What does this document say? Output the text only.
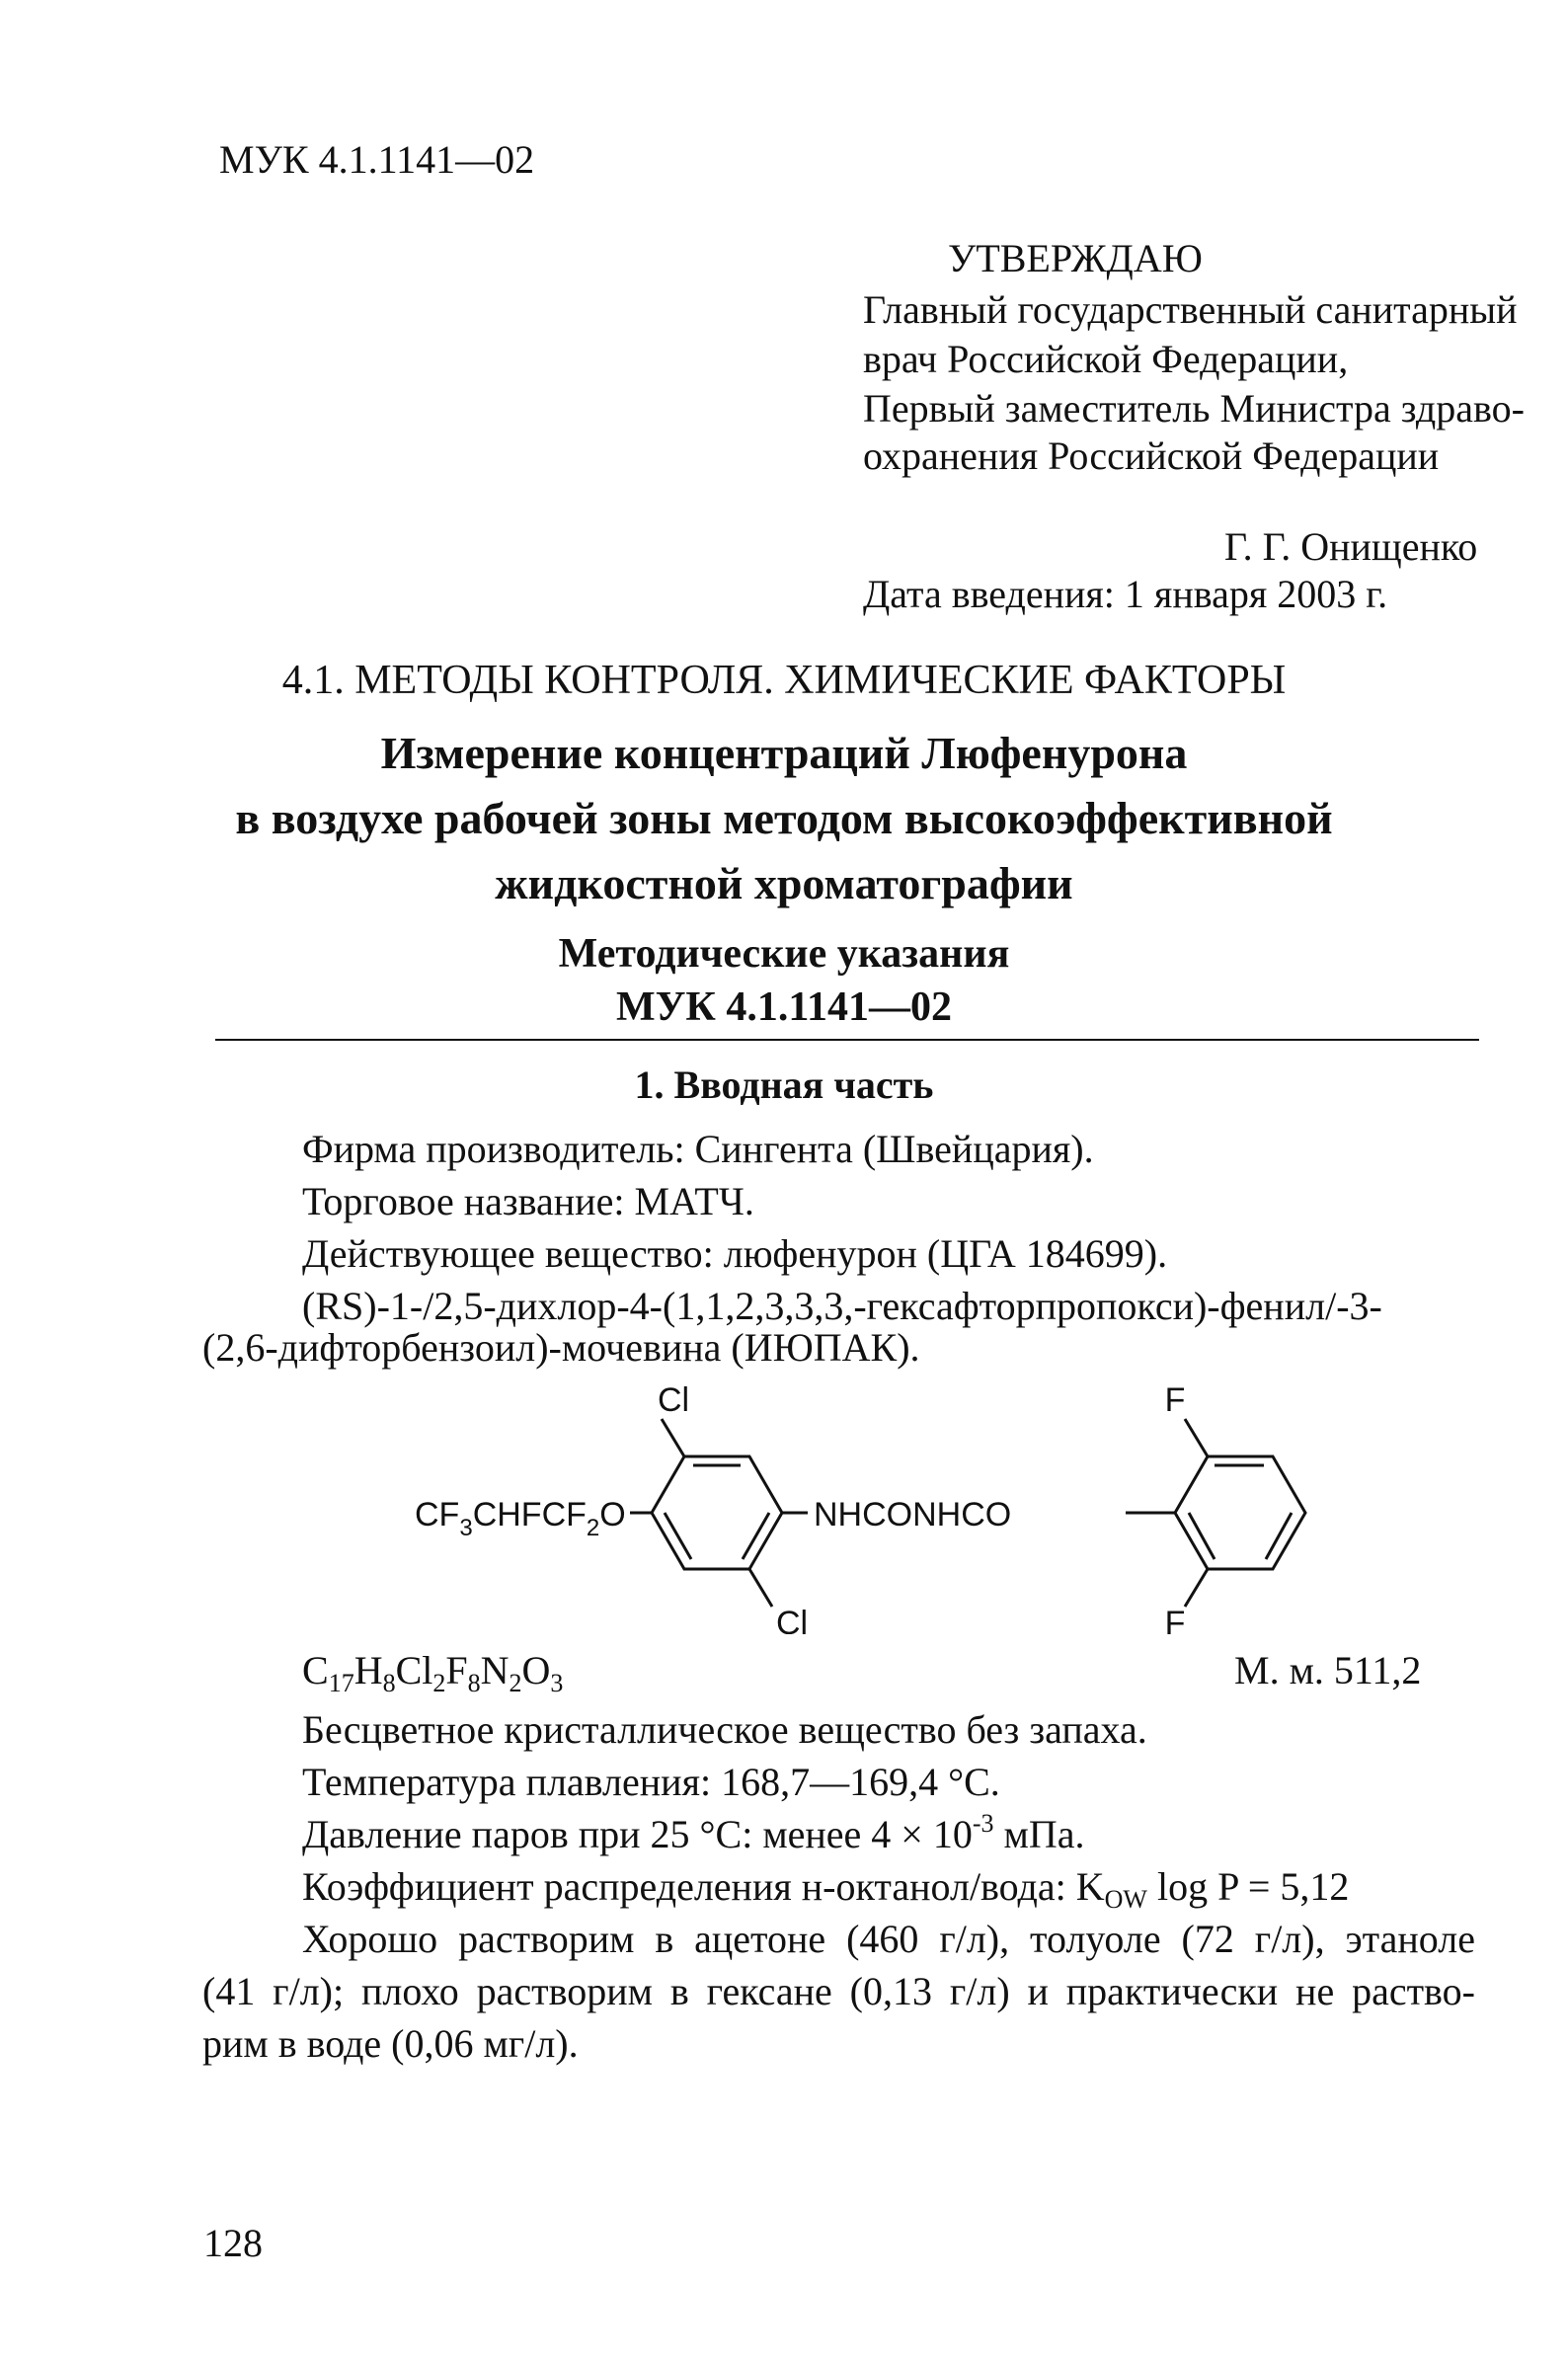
МУК 4.1.1141—02
УТВЕРЖДАЮ
Главный государственный санитарный
врач Российской Федерации,
Первый заместитель Министра здраво-
охранения Российской Федерации
Г. Г. Онищенко
Дата введения: 1 января 2003 г.
4.1. МЕТОДЫ КОНТРОЛЯ. ХИМИЧЕСКИЕ ФАКТОРЫ
Измерение концентраций Люфенурона
в воздухе рабочей зоны методом высокоэффективной
жидкостной хроматографии
Методические указания
МУК 4.1.1141—02
1. Вводная часть
Фирма производитель: Сингента (Швейцария).
Торговое название: МАТЧ.
Действующее вещество: люфенурон (ЦГА 184699).
(RS)-1-/2,5-дихлор-4-(1,1,2,3,3,3,-гексафторпропокси)-фенил/-3-
(2,6-дифторбензоил)-мочевина (ИЮПАК).
Cl
Cl
F
F
$CF_3CHFCF_2O$	NHCONHCO
$C_{17}H_8Cl_2F_8N_2O_3$	М. м. 511,2
Бесцветное кристаллическое вещество без запаха.
Температура плавления: 168,7—169,4 °C.
Давление паров при 25 °C: менее $4 \times 10^{-3}$ мПа.
Коэффициент распределения н-октанол/вода: $K_{OW}$ log P = 5,12
Хорошо растворим в ацетоне (460 г/л), толуоле (72 г/л), этаноле
(41 г/л); плохо растворим в гексане (0,13 г/л) и практически не раство-
рим в воде (0,06 мг/л).
128
